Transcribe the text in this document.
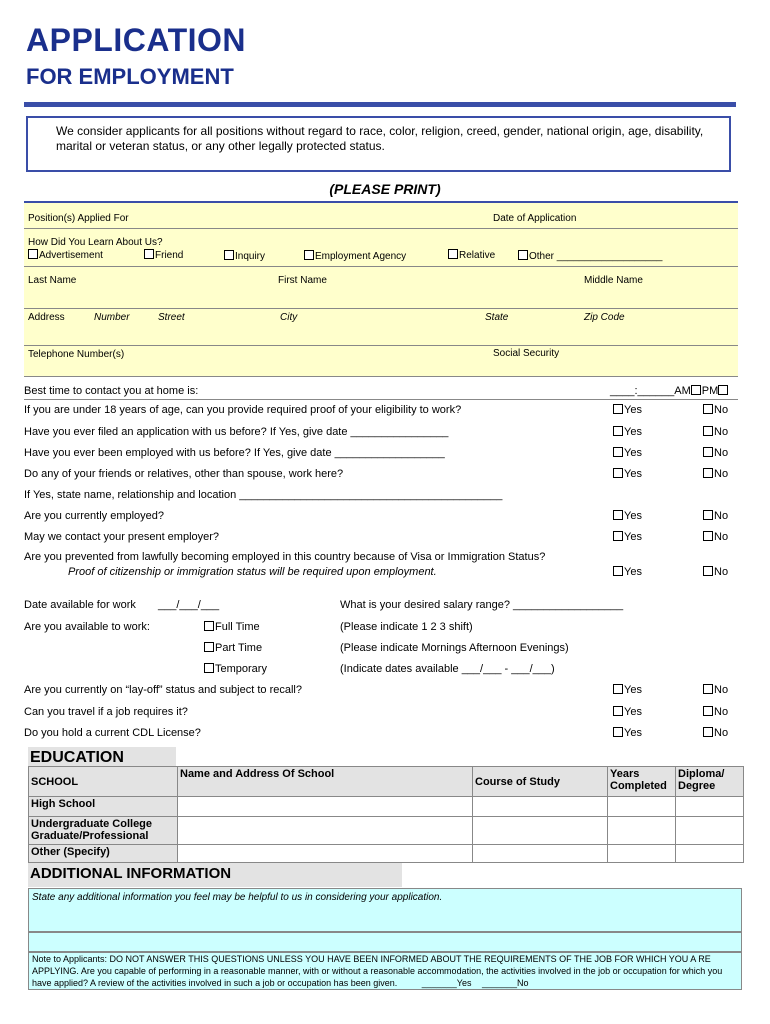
APPLICATION
FOR EMPLOYMENT
We consider applicants for all positions without regard to race, color, religion, creed, gender, national origin, age, disability, marital or veteran status, or any other legally protected status.
(PLEASE PRINT)
Position(s) Applied For	Date of Application
How Did You Learn About Us?
Advertisement	Friend	Inquiry	Employment Agency	Relative	Other ___________________
Last Name	First Name	Middle Name
Address	Number	Street	City	State	Zip Code
Telephone Number(s)	Social Security
Best time to contact you at home is:	____:______AM PM
If you are under 18 years of age, can you provide required proof of your eligibility to work?	Yes	No
Have you ever filed an application with us before? If Yes, give date ________________	Yes	No
Have you ever been employed with us before? If Yes, give date __________________	Yes	No
Do any of your friends or relatives, other than spouse, work here?	Yes	No
If Yes, state name, relationship and location ___________________________________________
Are you currently employed?	Yes	No
May we contact your present employer?	Yes	No
Are you prevented from lawfully becoming employed in this country because of Visa or Immigration Status?
Proof of citizenship or immigration status will be required upon employment.	Yes	No
Date available for work ___/___/___	What is your desired salary range? __________________
Are you available to work:	Full Time	(Please indicate 1 2 3 shift)
Part Time	(Please indicate Mornings Afternoon Evenings)
Temporary	(Indicate dates available ___/___ - ___/___)
Are you currently on “lay-off” status and subject to recall?	Yes	No
Can you travel if a job requires it?	Yes	No
Do you hold a current CDL License?	Yes	No
EDUCATION
SCHOOL	Name and Address Of School	Course of Study	Years Completed	Diploma/ Degree
High School				
Undergraduate College Graduate/Professional				
Other (Specify)				
ADDITIONAL INFORMATION
State any additional information you feel may be helpful to us in considering your application.
Note to Applicants: DO NOT ANSWER THIS QUESTIONS UNLESS YOU HAVE BEEN INFORMED ABOUT THE REQUIREMENTS OF THE JOB FOR WHICH YOU A RE APPLYING. Are you capable of performing in a reasonable manner, with or without a reasonable accommodation, the activities involved in the job or occupation for which you have applied? A review of the activities involved in such a job or occupation has been given.	_______Yes _______No
